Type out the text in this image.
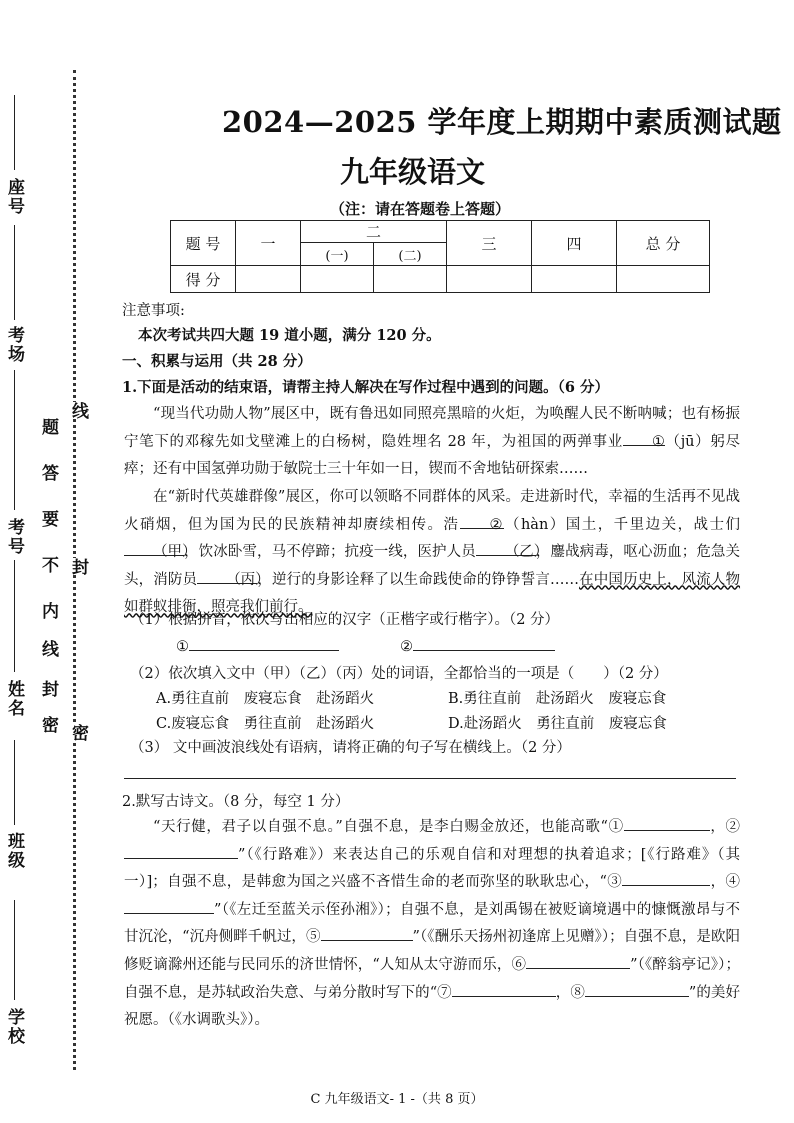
座号
考场
考号
姓名
班级
学校
题
答
要
不
内
线
封
密
线
封
密
2024—2025 学年度上期期中素质测试题
九年级语文
（注：请在答题卷上答题）
题 号	一	二		三	四	总 分
		(一)	(二)			
得 分						
注意事项:
本次考试共四大题 19 道小题，满分 120 分。
一、积累与运用（共 28 分）
1.下面是活动的结束语，请帮主持人解决在写作过程中遇到的问题。（6 分）
“现当代功勋人物”展区中，既有鲁迅如同照亮黑暗的火炬，为唤醒人民不断呐喊；也有杨振宁笔下的邓稼先如戈壁滩上的白杨树，隐姓埋名 28 年，为祖国的两弹事业 ①（jū）躬尽瘁；还有中国氢弹功勋于敏院士三十年如一日，锲而不舍地钻研探索……
在“新时代英雄群像”展区，你可以领略不同群体的风采。走进新时代，幸福的生活再不见战火硝烟，但为国为民的民族精神却赓续相传。浩 ②（hàn）国土，千里边关，战士们（甲），饮冰卧雪，马不停蹄；抗疫一线，医护人员 （乙），鏖战病毒，呕心沥血；危急关头，消防员 （丙），逆行的身影诠释了以生命践使命的铮铮誓言……在中国历史上，风流人物如群蚁排衙，照亮我们前行。
（1）根据拼音，依次写出相应的汉字（正楷字或行楷字）。（2 分）
①	②
（2）依次填入文中（甲）（乙）（丙）处的词语，全都恰当的一项是（　　）（2 分）
A.勇往直前　废寝忘食　赴汤蹈火	B.勇往直前　赴汤蹈火　废寝忘食
C.废寝忘食　勇往直前　赴汤蹈火	D.赴汤蹈火　勇往直前　废寝忘食
（3） 文中画波浪线处有语病，请将正确的句子写在横线上。（2 分）
2.默写古诗文。（8 分，每空 1 分）
“天行健，君子以自强不息。”自强不息，是李白赐金放还，也能高歌“①	，②”（《行路难》）来表达自己的乐观自信和对理想的执着追求；[《行路难》（其一）]；自强不息，是韩愈为国之兴盛不吝惜生命的老而弥坚的耿耿忠心，“③	，④”（《左迁至蓝关示侄孙湘》）；自强不息，是刘禹锡在被贬谪境遇中的慷慨激昂与不甘沉沦，“沉舟侧畔千帆过，⑤	”（《酬乐天扬州初逢席上见赠》）；自强不息，是欧阳修贬谪滁州还能与民同乐的济世情怀，“人知从太守游而乐，⑥	”（《醉翁亭记》）；自强不息，是苏轼政治失意、与弟分散时写下的“⑦	，⑧	”的美好祝愿。（《水调歌头》）。
C 九年级语文- 1 -（共 8 页）
